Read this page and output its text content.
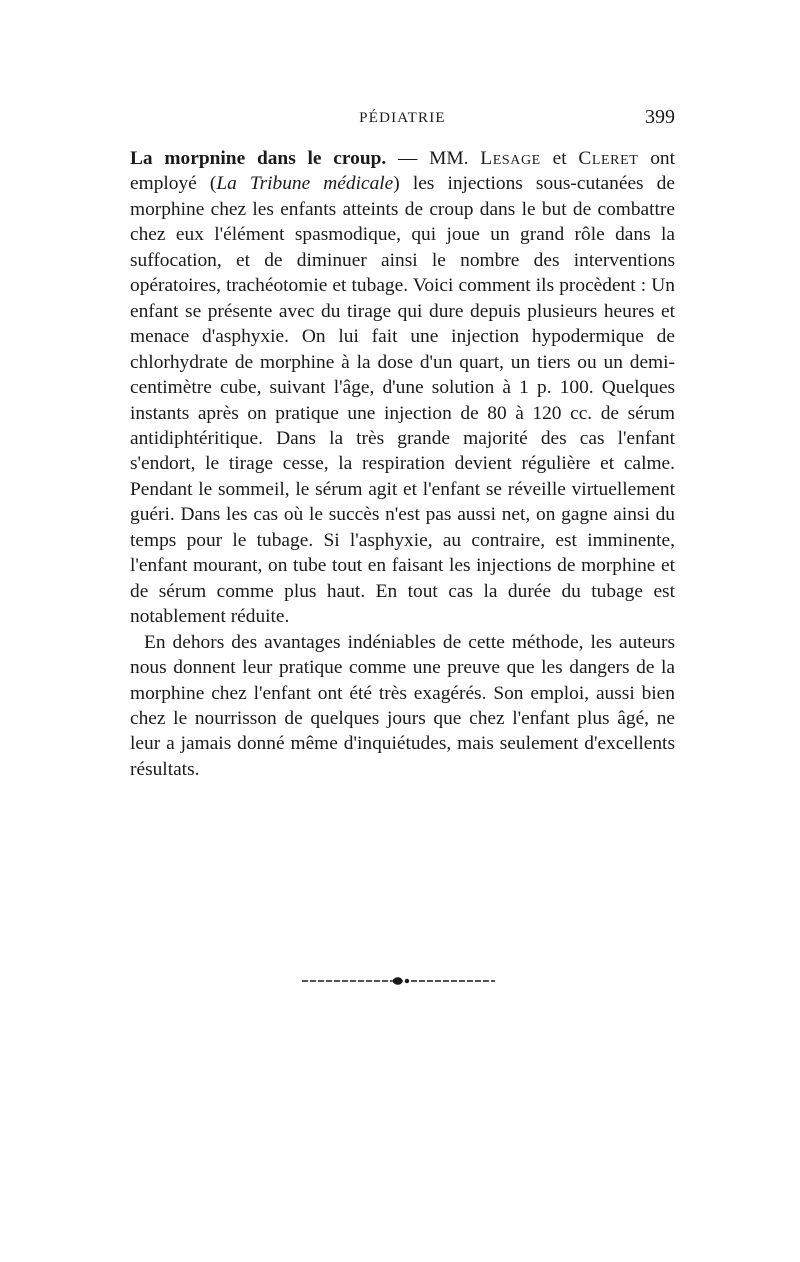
PÉDIATRIE	399

La morpnine dans le croup. — MM. Lesage et Cleret ont employé (La Tribune médicale) les injections sous-cutanées de morphine chez les enfants atteints de croup dans le but de combattre chez eux l'élément spasmodique, qui joue un grand rôle dans la suffocation, et de diminuer ainsi le nombre des interventions opératoires, trachéotomie et tubage. Voici comment ils procèdent : Un enfant se présente avec du tirage qui dure depuis plusieurs heures et menace d'asphyxie. On lui fait une injection hypodermique de chlorhydrate de morphine à la dose d'un quart, un tiers ou un demi-centimètre cube, suivant l'âge, d'une solution à 1 p. 100. Quelques instants après on pratique une injection de 80 à 120 cc. de sérum antidiphtéritique. Dans la très grande majorité des cas l'enfant s'endort, le tirage cesse, la respiration devient régulière et calme. Pendant le sommeil, le sérum agit et l'enfant se réveille virtuellement guéri. Dans les cas où le succès n'est pas aussi net, on gagne ainsi du temps pour le tubage. Si l'asphyxie, au contraire, est imminente, l'enfant mourant, on tube tout en faisant les injections de morphine et de sérum comme plus haut. En tout cas la durée du tubage est notablement réduite.

En dehors des avantages indéniables de cette méthode, les auteurs nous donnent leur pratique comme une preuve que les dangers de la morphine chez l'enfant ont été très exagérés. Son emploi, aussi bien chez le nourrisson de quelques jours que chez l'enfant plus âgé, ne leur a jamais donné même d'inquiétudes, mais seulement d'excellents résultats.
